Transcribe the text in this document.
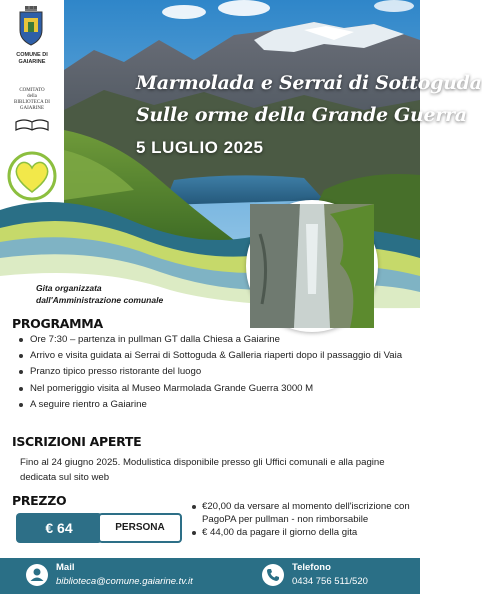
COMUNE DI
GAIARINE
COMITATO
della
BIBLIOTECA DI
GAIARINE
Marmolada e Serrai di Sottoguda
Sulle orme della Grande Guerra
5 LUGLIO 2025
Gita organizzata
dall'Amministrazione comunale
PROGRAMMA
Ore 7:30 – partenza in pullman GT dalla Chiesa a Gaiarine
Arrivo e visita guidata ai Serrai di Sottoguda & Galleria riaperti dopo il passaggio di Vaia
Pranzo tipico presso ristorante del luogo
Nel pomeriggio visita al Museo Marmolada Grande Guerra 3000 M
A seguire rientro a Gaiarine
ISCRIZIONI APERTE
Fino al 24 giugno 2025. Modulistica disponibile presso gli Uffici comunali e alla pagine dedicata sul sito web
PREZZO
€ 64	PERSONA
€20,00 da versare al momento dell'iscrizione con PagoPA per pullman - non rimborsabile
€ 44,00 da pagare il giorno della gita
Mail
biblioteca@comune.gaiarine.tv.it
Telefono
0434 756 511/520
